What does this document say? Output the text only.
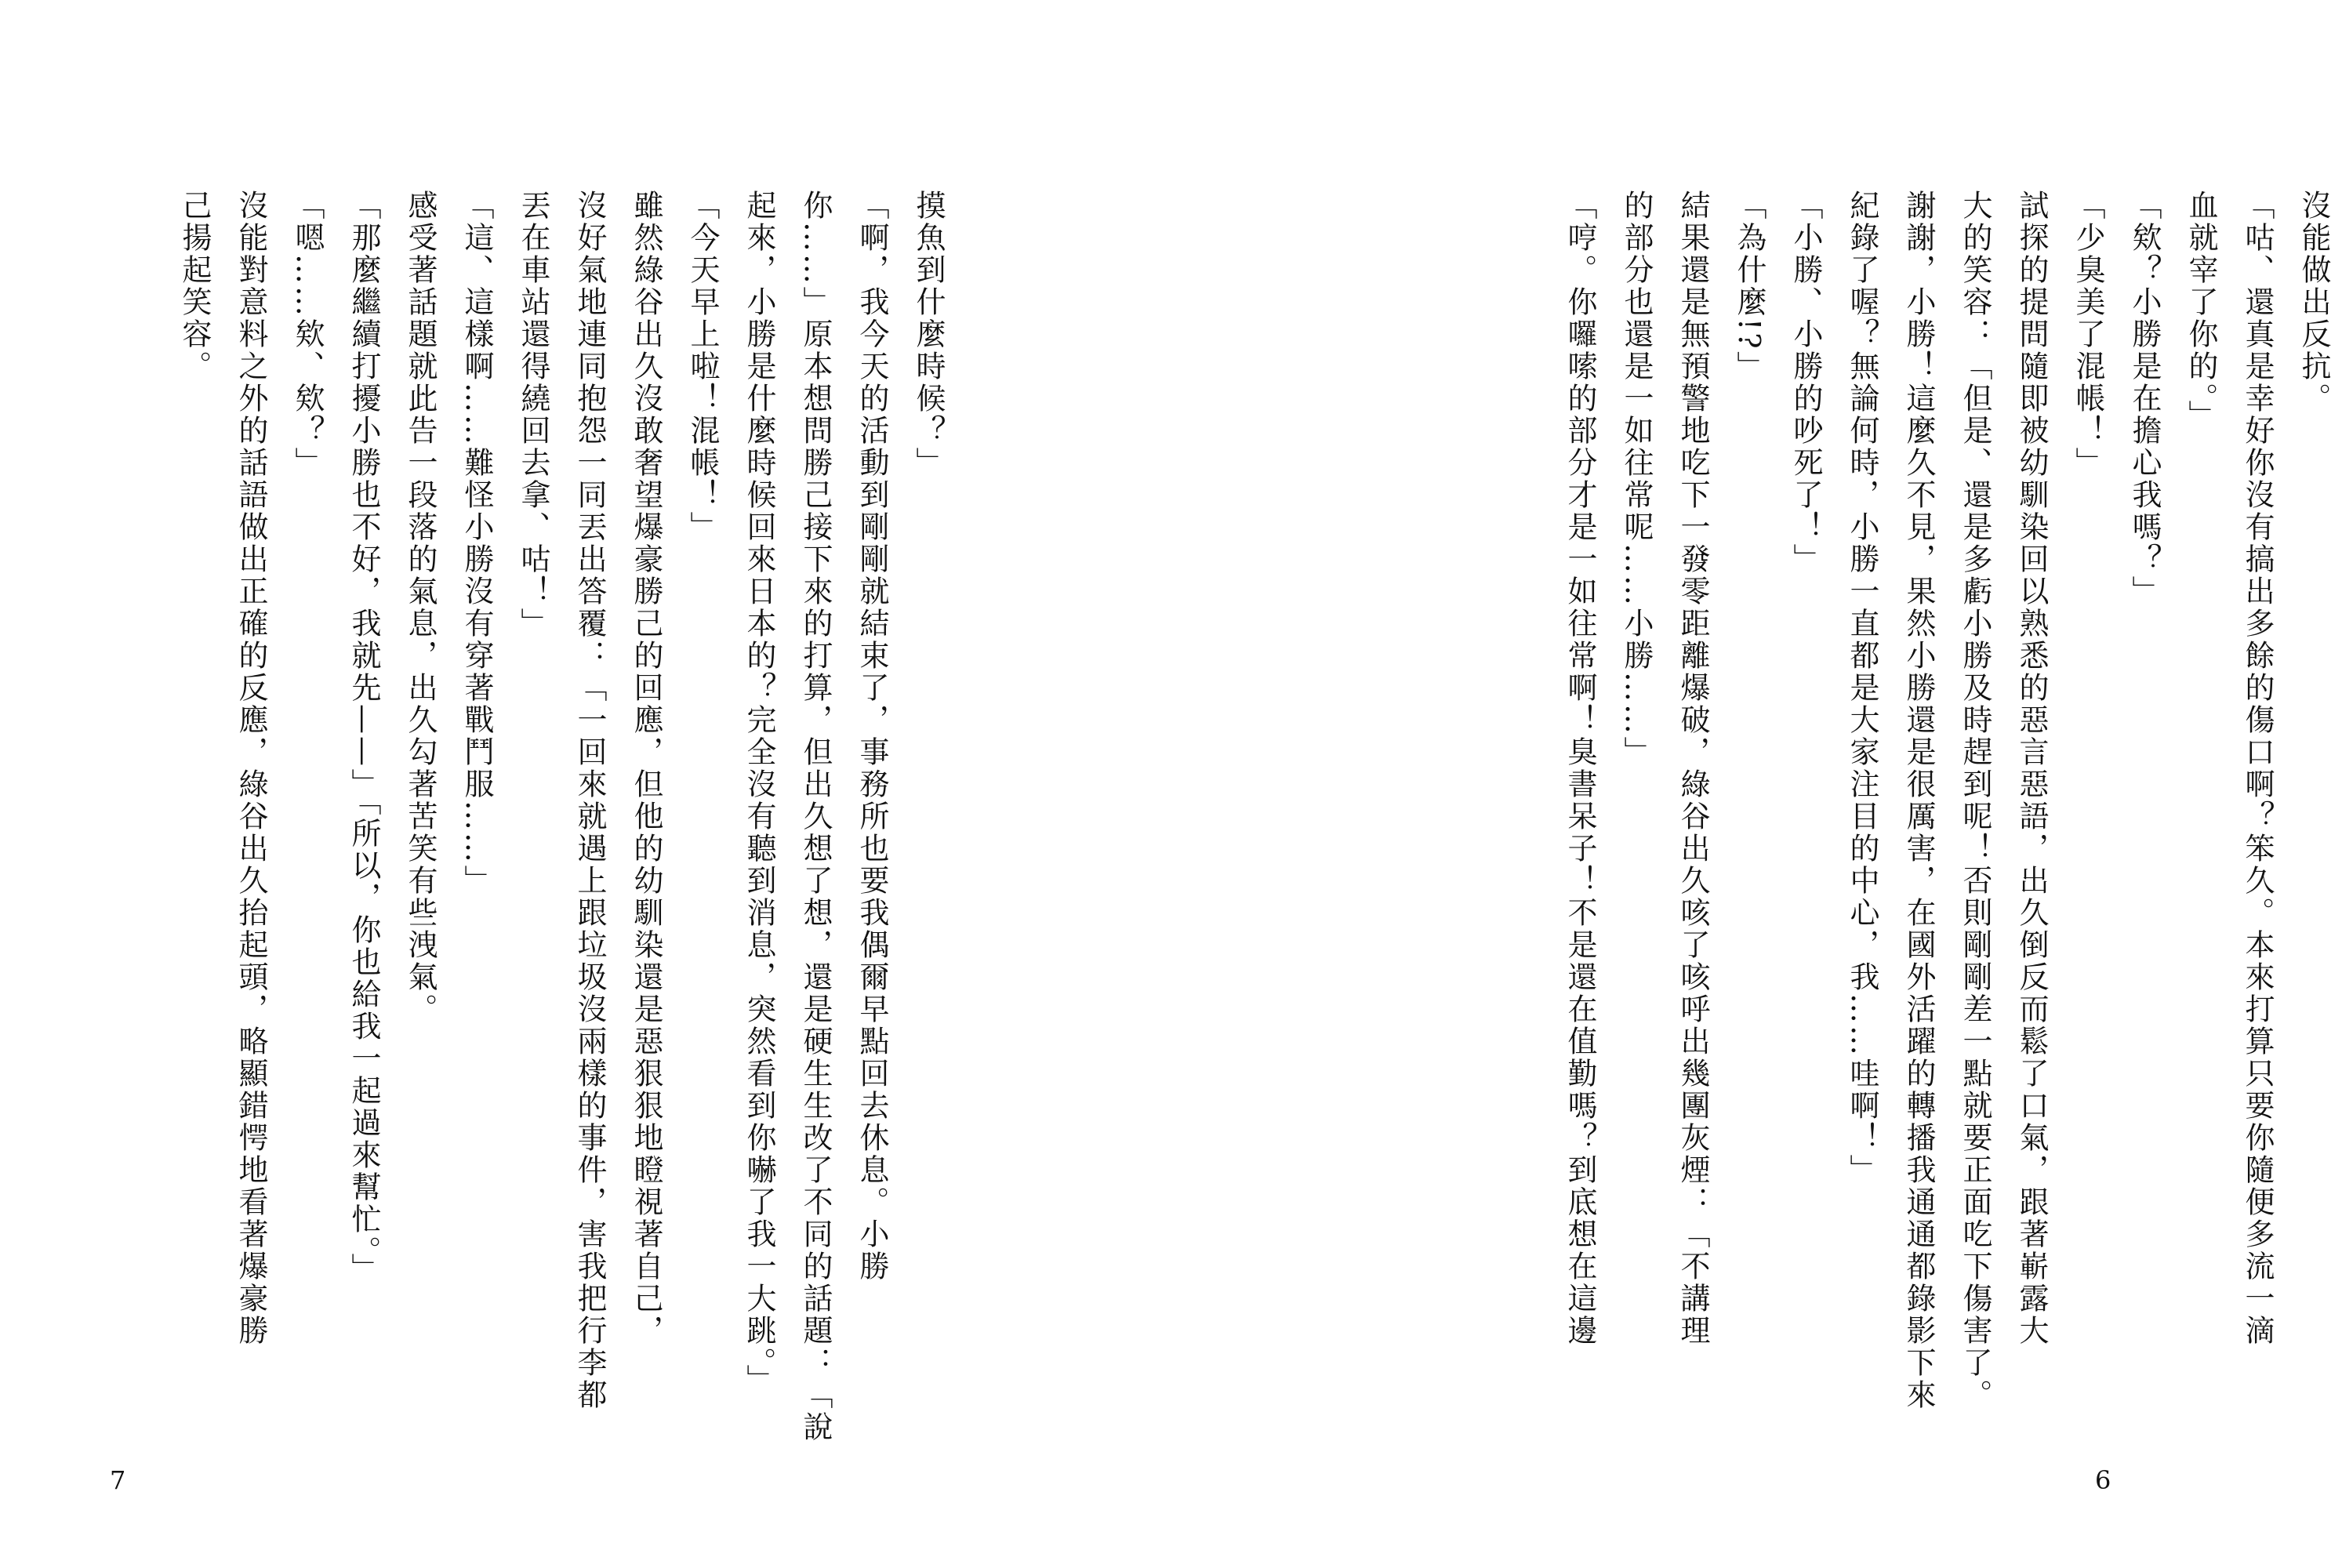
摸魚到什麼時候？」
「啊，我今天的活動到剛剛就結束了，事務所也要我偶爾早點回去休息。小勝
你……」原本想問勝己接下來的打算，但出久想了想，還是硬生生改了不同的話題：「說
起來，小勝是什麼時候回來日本的？完全沒有聽到消息，突然看到你嚇了我一大跳。」
「今天早上啦！混帳！」
雖然綠谷出久沒敢奢望爆豪勝己的回應，但他的幼馴染還是惡狠狠地瞪視著自己，
沒好氣地連同抱怨一同丟出答覆：「一回來就遇上跟垃圾沒兩樣的事件，害我把行李都
丟在車站還得繞回去拿、咕！」
「這、這樣啊……難怪小勝沒有穿著戰鬥服……」
感受著話題就此告一段落的氣息，出久勾著苦笑有些洩氣。
「那麼繼續打擾小勝也不好，我就先——」「所以，你也給我一起過來幫忙。」
「嗯……欸、欸？」
沒能對意料之外的話語做出正確的反應，綠谷出久抬起頭，略顯錯愕地看著爆豪勝
己揚起笑容。
7
沒能做出反抗。
「咕、還真是幸好你沒有搞出多餘的傷口啊？笨久。本來打算只要你隨便多流一滴
血就宰了你的。」
「欸？小勝是在擔心我嗎？」
「少臭美了混帳！」
試探的提問隨即被幼馴染回以熟悉的惡言惡語，出久倒反而鬆了口氣，跟著嶄露大
大的笑容：「但是、還是多虧小勝及時趕到呢！否則剛剛差一點就要正面吃下傷害了。
謝謝，小勝！這麼久不見，果然小勝還是很厲害，在國外活躍的轉播我通通都錄影下來
紀錄了喔？無論何時，小勝一直都是大家注目的中心，我……哇啊！」
「小勝、小勝的吵死了！」
「為什麼!?」
結果還是無預警地吃下一發零距離爆破，綠谷出久咳了咳呼出幾團灰煙：「不講理
的部分也還是一如往常呢……小勝……」
「哼。你囉嗦的部分才是一如往常啊！臭書呆子！不是還在值勤嗎？到底想在這邊
6
